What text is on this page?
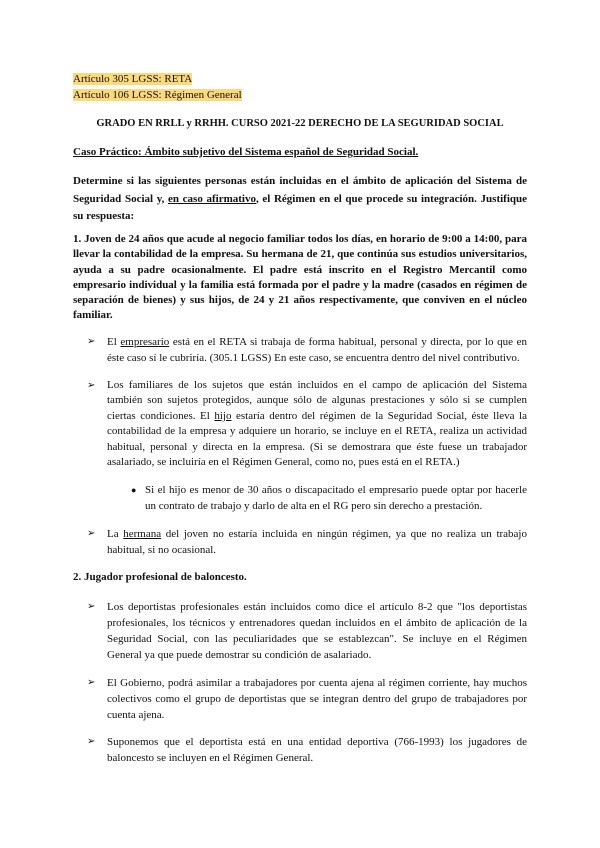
Artículo 305 LGSS: RETA
Artículo 106 LGSS: Régimen General
GRADO EN RRLL y RRHH. CURSO 2021-22 DERECHO DE LA SEGURIDAD SOCIAL
Caso Práctico: Ámbito subjetivo del Sistema español de Seguridad Social.
Determine si las siguientes personas están incluidas en el ámbito de aplicación del Sistema de Seguridad Social y, en caso afirmativo, el Régimen en el que procede su integración. Justifique su respuesta:
1. Joven de 24 años que acude al negocio familiar todos los días, en horario de 9:00 a 14:00, para llevar la contabilidad de la empresa. Su hermana de 21, que continúa sus estudios universitarios, ayuda a su padre ocasionalmente. El padre está inscrito en el Registro Mercantil como empresario individual y la familia está formada por el padre y la madre (casados en régimen de separación de bienes) y sus hijos, de 24 y 21 años respectivamente, que conviven en el núcleo familiar.
➢ El empresario está en el RETA si trabaja de forma habitual, personal y directa, por lo que en éste caso sí le cubriría. (305.1 LGSS) En este caso, se encuentra dentro del nivel contributivo.
➢ Los familiares de los sujetos que están incluidos en el campo de aplicación del Sistema también son sujetos protegidos, aunque sólo de algunas prestaciones y sólo si se cumplen ciertas condiciones. El hijo estaría dentro del régimen de la Seguridad Social, éste lleva la contabilidad de la empresa y adquiere un horario, se incluye en el RETA, realiza un actividad habitual, personal y directa en la empresa. (Si se demostrara que éste fuese un trabajador asalariado, se incluiría en el Régimen General, como no, pues está en el RETA.)
● Si el hijo es menor de 30 años o discapacitado el empresario puede optar por hacerle un contrato de trabajo y darlo de alta en el RG pero sin derecho a prestación.
➢ La hermana del joven no estaría incluida en ningún régimen, ya que no realiza un trabajo habitual, si no ocasional.
2. Jugador profesional de baloncesto.
➢ Los deportistas profesionales están incluidos como dice el artículo 8-2 que "los deportistas profesionales, los técnicos y entrenadores quedan incluidos en el ámbito de aplicación de la Seguridad Social, con las peculiaridades que se establezcan". Se incluye en el Régimen General ya que puede demostrar su condición de asalariado.
➢ El Gobierno, podrá asimilar a trabajadores por cuenta ajena al régimen corriente, hay muchos colectivos como el grupo de deportistas que se integran dentro del grupo de trabajadores por cuenta ajena.
➢ Suponemos que el deportista está en una entidad deportiva (766-1993) los jugadores de baloncesto se incluyen en el Régimen General.
